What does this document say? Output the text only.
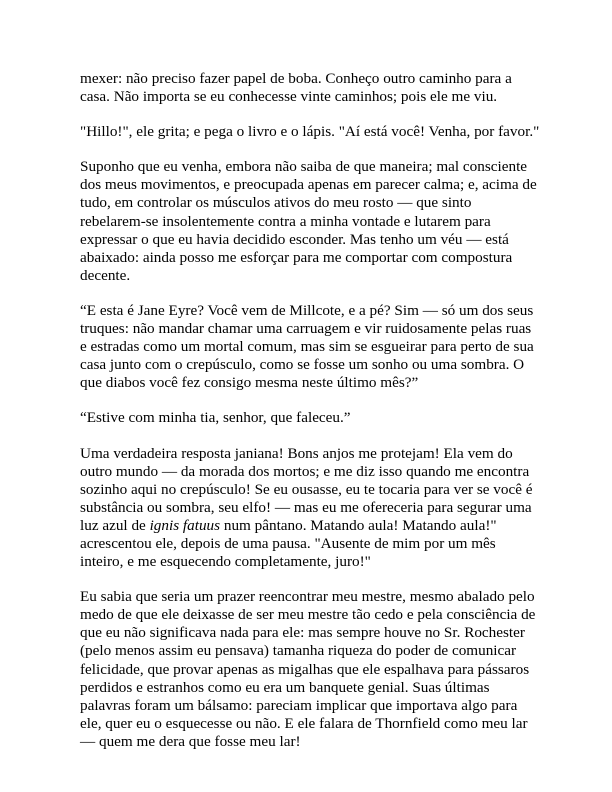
mexer: não preciso fazer papel de boba. Conheço outro caminho para a casa. Não importa se eu conhecesse vinte caminhos; pois ele me viu.

"Hillo!", ele grita; e pega o livro e o lápis. "Aí está você! Venha, por favor."

Suponho que eu venha, embora não saiba de que maneira; mal consciente dos meus movimentos, e preocupada apenas em parecer calma; e, acima de tudo, em controlar os músculos ativos do meu rosto — que sinto rebelarem-se insolentemente contra a minha vontade e lutarem para expressar o que eu havia decidido esconder. Mas tenho um véu — está abaixado: ainda posso me esforçar para me comportar com compostura decente.

“E esta é Jane Eyre? Você vem de Millcote, e a pé? Sim — só um dos seus truques: não mandar chamar uma carruagem e vir ruidosamente pelas ruas e estradas como um mortal comum, mas sim se esgueirar para perto de sua casa junto com o crepúsculo, como se fosse um sonho ou uma sombra. O que diabos você fez consigo mesma neste último mês?”

“Estive com minha tia, senhor, que faleceu.”

Uma verdadeira resposta janiana! Bons anjos me protejam! Ela vem do outro mundo — da morada dos mortos; e me diz isso quando me encontra sozinho aqui no crepúsculo! Se eu ousasse, eu te tocaria para ver se você é substância ou sombra, seu elfo! — mas eu me ofereceria para segurar uma luz azul de ignis fatuus num pântano. Matando aula! Matando aula!" acrescentou ele, depois de uma pausa. "Ausente de mim por um mês inteiro, e me esquecendo completamente, juro!"

Eu sabia que seria um prazer reencontrar meu mestre, mesmo abalado pelo medo de que ele deixasse de ser meu mestre tão cedo e pela consciência de que eu não significava nada para ele: mas sempre houve no Sr. Rochester (pelo menos assim eu pensava) tamanha riqueza do poder de comunicar felicidade, que provar apenas as migalhas que ele espalhava para pássaros perdidos e estranhos como eu era um banquete genial. Suas últimas palavras foram um bálsamo: pareciam implicar que importava algo para ele, quer eu o esquecesse ou não. E ele falara de Thornfield como meu lar — quem me dera que fosse meu lar!
